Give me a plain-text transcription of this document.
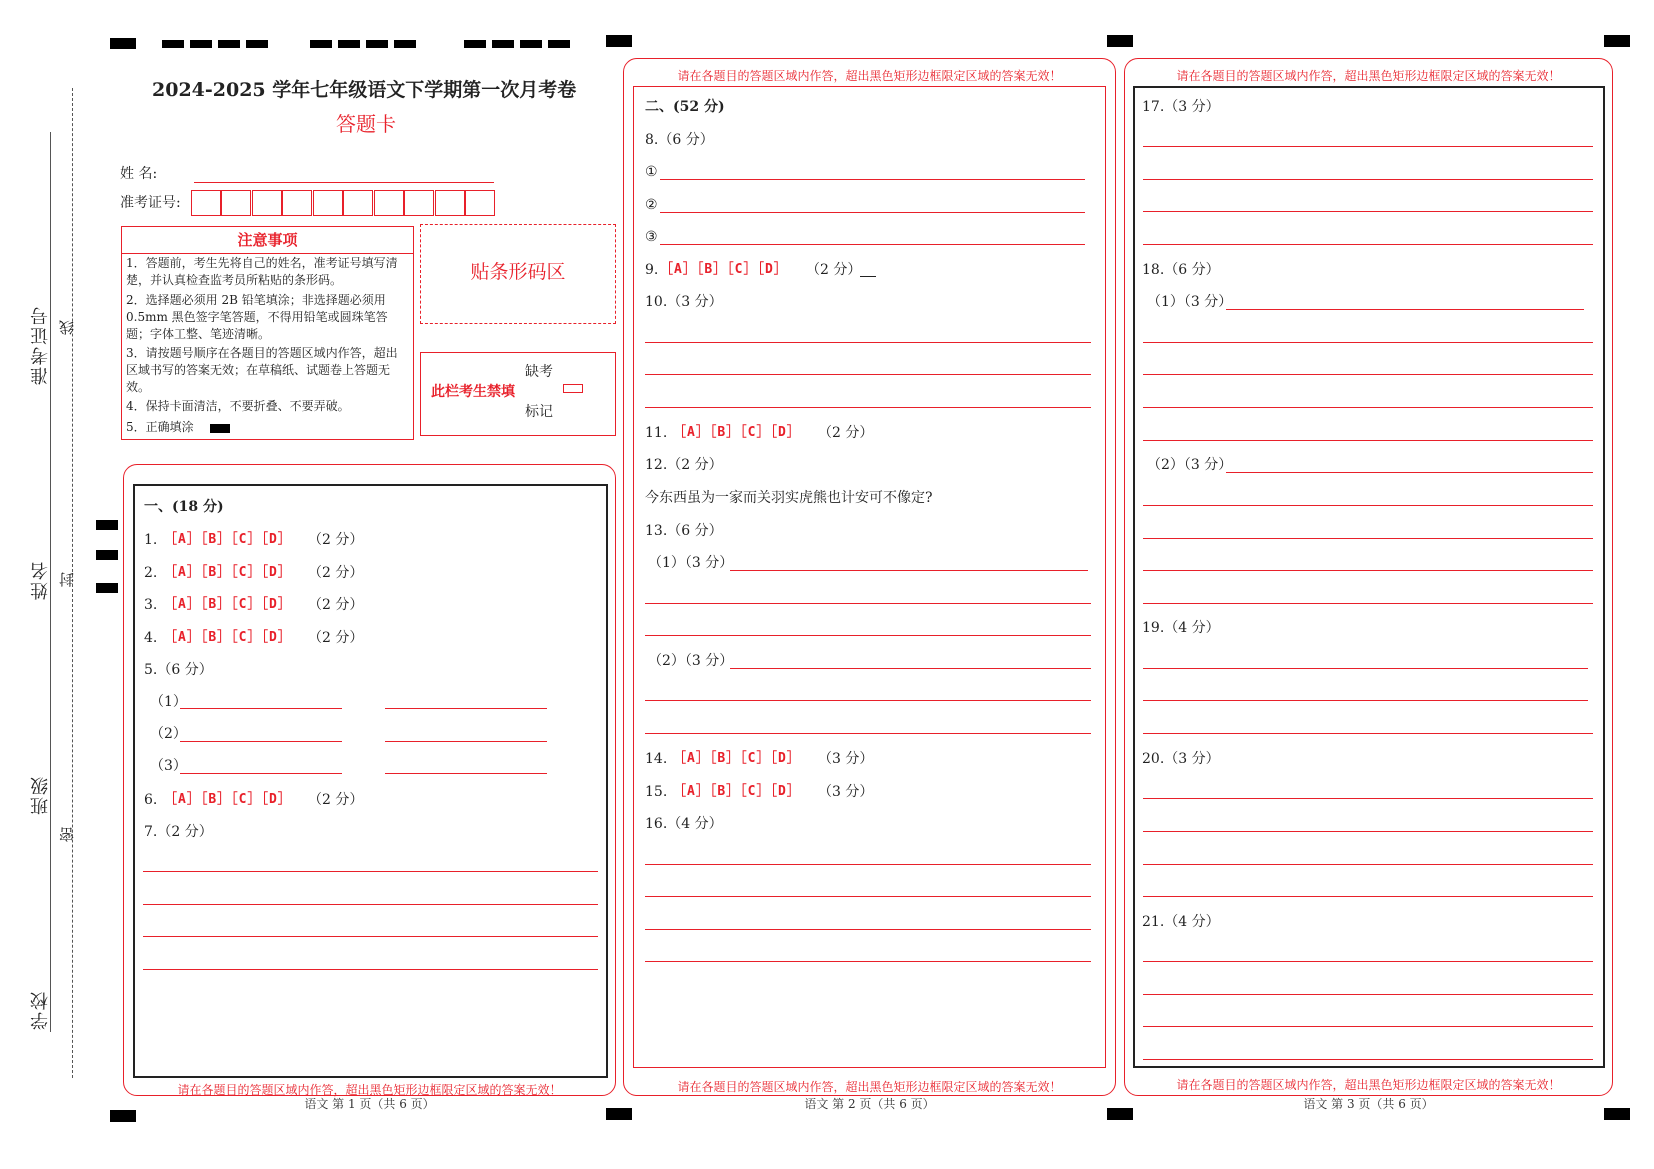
准考证号
姓名
班级
学校
线
封
密
2024-2025 学年七年级语文下学期第一次月考卷
答题卡
姓 名:
准考证号:
注意事项
1．答题前，考生先将自己的姓名，准考证号填写清楚，并认真检查监考员所粘贴的条形码。
2．选择题必须用 2B 铅笔填涂；非选择题必须用 0.5mm 黑色签字笔答题，不得用铅笔或圆珠笔答题；字体工整、笔迹清晰。
3．请按题号顺序在各题目的答题区域内作答，超出区域书写的答案无效；在草稿纸、试题卷上答题无效。
4．保持卡面清洁，不要折叠、不要弄破。
5．正确填涂
贴条形码区
此栏考生禁填
缺考
标记
一、(18 分)
1. ［A］［B］［C］［D］ （2 分）
2. ［A］［B］［C］［D］ （2 分）
3. ［A］［B］［C］［D］ （2 分）
4. ［A］［B］［C］［D］ （2 分）
5.（6 分）
（1）
（2）
（3）
6. ［A］［B］［C］［D］ （2 分）
7.（2 分）
请在各题目的答题区域内作答，超出黑色矩形边框限定区域的答案无效！
语文 第 1 页（共 6 页）
请在各题目的答题区域内作答，超出黑色矩形边框限定区域的答案无效！
二、(52 分)
8.（6 分）
①
②
③
9. ［A］［B］［C］［D］ （2 分）
10.（3 分）
11. ［A］［B］［C］［D］ （2 分）
12.（2 分）
今东西虽为一家而关羽实虎熊也计安可不像定?
13.（6 分）
（1）（3 分）
（2）（3 分）
14. ［A］［B］［C］［D］ （3 分）
15. ［A］［B］［C］［D］ （3 分）
16.（4 分）
请在各题目的答题区域内作答，超出黑色矩形边框限定区域的答案无效！
语文 第 2 页（共 6 页）
请在各题目的答题区域内作答，超出黑色矩形边框限定区域的答案无效！
17.（3 分）
18.（6 分）
（1）（3 分）
（2）（3 分）
19.（4 分）
20.（3 分）
21.（4 分）
请在各题目的答题区域内作答，超出黑色矩形边框限定区域的答案无效！
语文 第 3 页（共 6 页）
